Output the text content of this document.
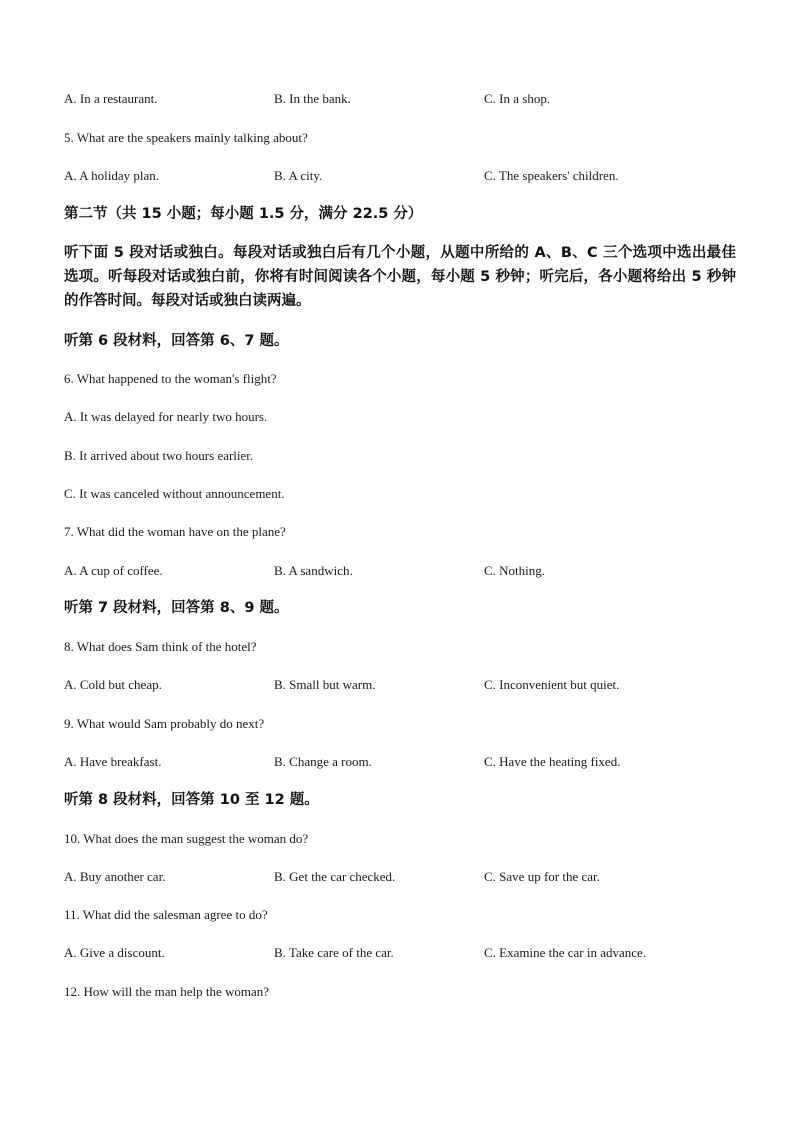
A. In a restaurant.	B. In the bank.	C. In a shop.
5. What are the speakers mainly talking about?
A. A holiday plan.	B. A city.	C. The speakers' children.
第二节（共 15 小题；每小题 1.5 分，满分 22.5 分）
听下面 5 段对话或独白。每段对话或独白后有几个小题，从题中所给的 A、B、C 三个选项中选出最佳选项。听每段对话或独白前，你将有时间阅读各个小题，每小题 5 秒钟；听完后，各小题将给出 5 秒钟的作答时间。每段对话或独白读两遍。
听第 6 段材料，回答第 6、7 题。
6. What happened to the woman's flight?
A. It was delayed for nearly two hours.
B. It arrived about two hours earlier.
C. It was canceled without announcement.
7. What did the woman have on the plane?
A. A cup of coffee.	B. A sandwich.	C. Nothing.
听第 7 段材料，回答第 8、9 题。
8. What does Sam think of the hotel?
A. Cold but cheap.	B. Small but warm.	C. Inconvenient but quiet.
9. What would Sam probably do next?
A. Have breakfast.	B. Change a room.	C. Have the heating fixed.
听第 8 段材料，回答第 10 至 12 题。
10. What does the man suggest the woman do?
A. Buy another car.	B. Get the car checked.	C. Save up for the car.
11. What did the salesman agree to do?
A. Give a discount.	B. Take care of the car.	C. Examine the car in advance.
12. How will the man help the woman?
